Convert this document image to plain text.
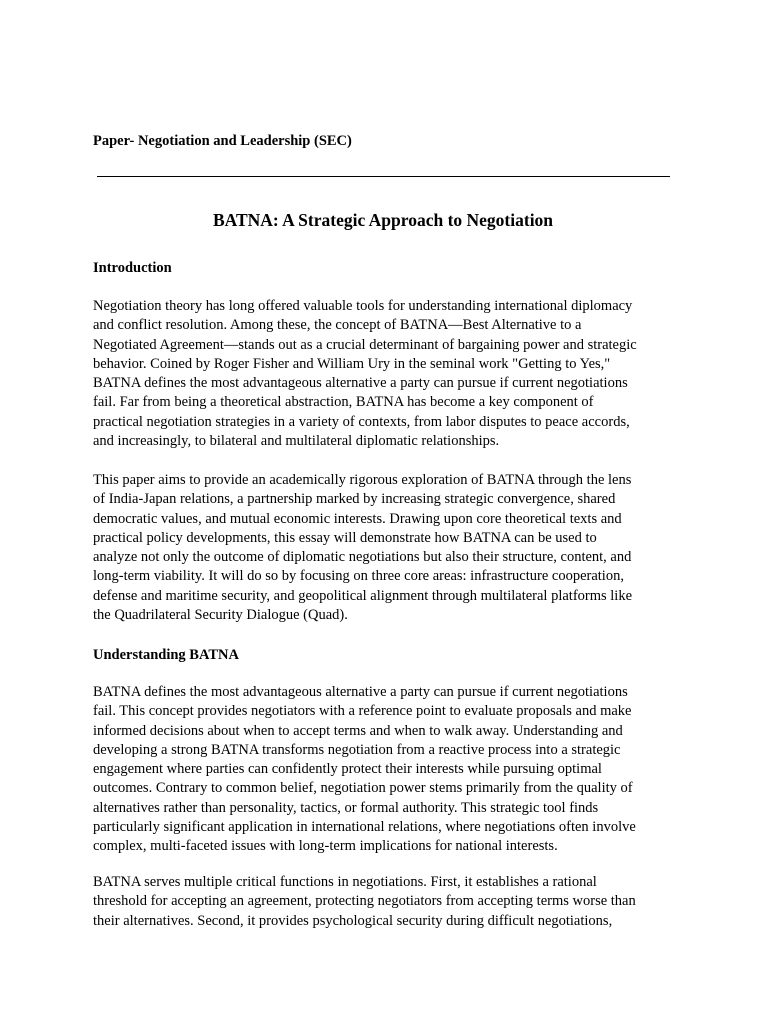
Paper- Negotiation and Leadership (SEC)
BATNA: A Strategic Approach to Negotiation
Introduction
Negotiation theory has long offered valuable tools for understanding international diplomacy
and conflict resolution. Among these, the concept of BATNA—Best Alternative to a
Negotiated Agreement—stands out as a crucial determinant of bargaining power and strategic
behavior. Coined by Roger Fisher and William Ury in the seminal work "Getting to Yes,"
BATNA defines the most advantageous alternative a party can pursue if current negotiations
fail. Far from being a theoretical abstraction, BATNA has become a key component of
practical negotiation strategies in a variety of contexts, from labor disputes to peace accords,
and increasingly, to bilateral and multilateral diplomatic relationships.
This paper aims to provide an academically rigorous exploration of BATNA through the lens
of India-Japan relations, a partnership marked by increasing strategic convergence, shared
democratic values, and mutual economic interests. Drawing upon core theoretical texts and
practical policy developments, this essay will demonstrate how BATNA can be used to
analyze not only the outcome of diplomatic negotiations but also their structure, content, and
long-term viability. It will do so by focusing on three core areas: infrastructure cooperation,
defense and maritime security, and geopolitical alignment through multilateral platforms like
the Quadrilateral Security Dialogue (Quad).
Understanding BATNA
BATNA defines the most advantageous alternative a party can pursue if current negotiations
fail. This concept provides negotiators with a reference point to evaluate proposals and make
informed decisions about when to accept terms and when to walk away. Understanding and
developing a strong BATNA transforms negotiation from a reactive process into a strategic
engagement where parties can confidently protect their interests while pursuing optimal
outcomes. Contrary to common belief, negotiation power stems primarily from the quality of
alternatives rather than personality, tactics, or formal authority. This strategic tool finds
particularly significant application in international relations, where negotiations often involve
complex, multi-faceted issues with long-term implications for national interests.
BATNA serves multiple critical functions in negotiations. First, it establishes a rational
threshold for accepting an agreement, protecting negotiators from accepting terms worse than
their alternatives. Second, it provides psychological security during difficult negotiations,
